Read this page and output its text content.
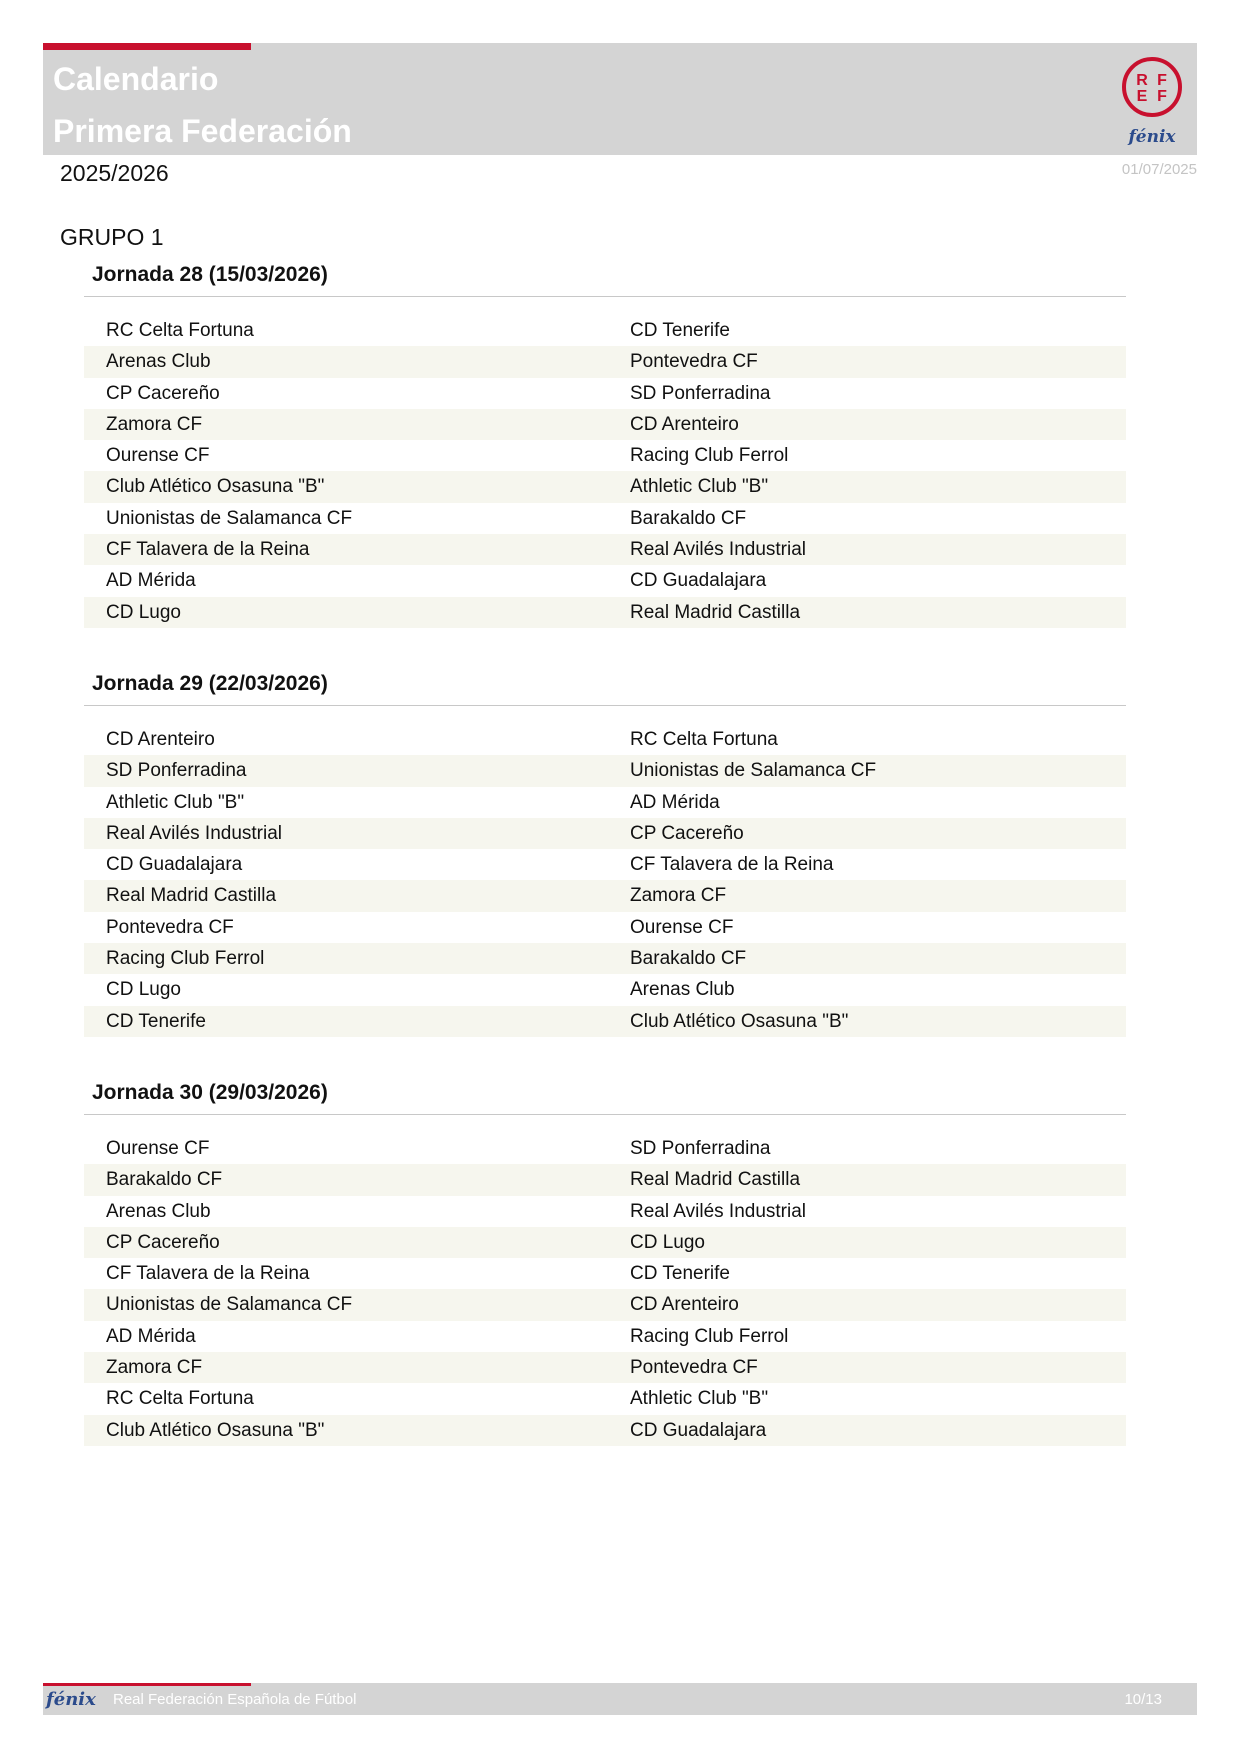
Calendario
Primera Federación
R F
E F
fénix
2025/2026	01/07/2025
GRUPO 1
Jornada 28 (15/03/2026)
RC Celta Fortuna	CD Tenerife
Arenas Club	Pontevedra CF
CP Cacereño	SD Ponferradina
Zamora CF	CD Arenteiro
Ourense CF	Racing Club Ferrol
Club Atlético Osasuna "B"	Athletic Club "B"
Unionistas de Salamanca CF	Barakaldo CF
CF Talavera de la Reina	Real Avilés Industrial
AD Mérida	CD Guadalajara
CD Lugo	Real Madrid Castilla
Jornada 29 (22/03/2026)
CD Arenteiro	RC Celta Fortuna
SD Ponferradina	Unionistas de Salamanca CF
Athletic Club "B"	AD Mérida
Real Avilés Industrial	CP Cacereño
CD Guadalajara	CF Talavera de la Reina
Real Madrid Castilla	Zamora CF
Pontevedra CF	Ourense CF
Racing Club Ferrol	Barakaldo CF
CD Lugo	Arenas Club
CD Tenerife	Club Atlético Osasuna "B"
Jornada 30 (29/03/2026)
Ourense CF	SD Ponferradina
Barakaldo CF	Real Madrid Castilla
Arenas Club	Real Avilés Industrial
CP Cacereño	CD Lugo
CF Talavera de la Reina	CD Tenerife
Unionistas de Salamanca CF	CD Arenteiro
AD Mérida	Racing Club Ferrol
Zamora CF	Pontevedra CF
RC Celta Fortuna	Athletic Club "B"
Club Atlético Osasuna "B"	CD Guadalajara
fénix Real Federación Española de Fútbol	10/13
